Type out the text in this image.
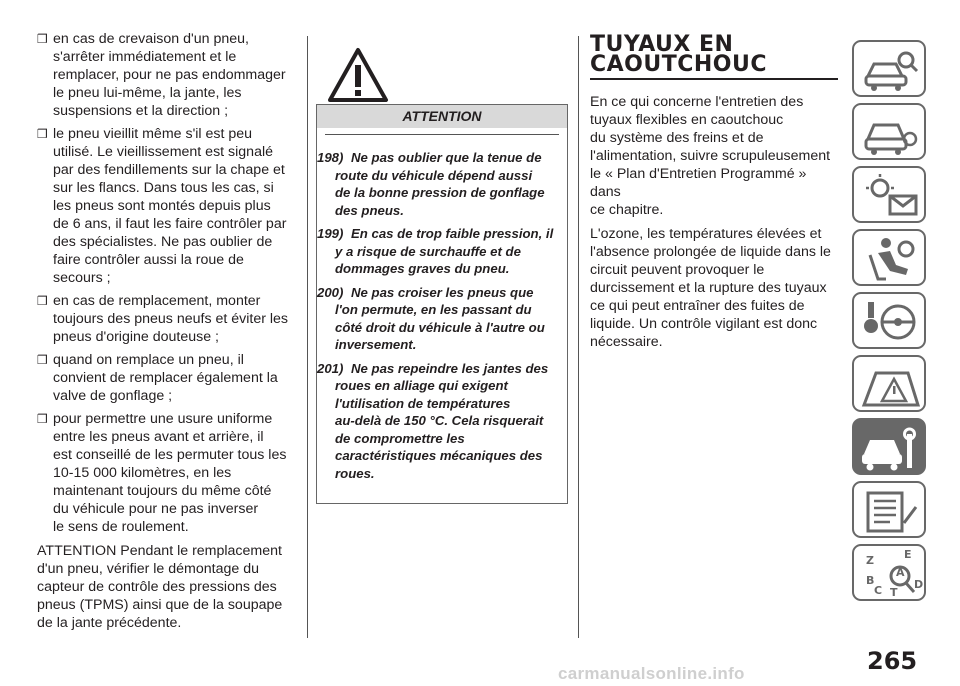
❒ en cas de crevaison d'un pneu,
s'arrêter immédiatement et le
remplacer, pour ne pas endommager
le pneu lui-même, la jante, les
suspensions et la direction ;
❒ le pneu vieillit même s'il est peu
utilisé. Le vieillissement est signalé
par des fendillements sur la chape et
sur les flancs. Dans tous les cas, si
les pneus sont montés depuis plus
de 6 ans, il faut les faire contrôler par
des spécialistes. Ne pas oublier de
faire contrôler aussi la roue de
secours ;
❒ en cas de remplacement, monter
toujours des pneus neufs et éviter les
pneus d'origine douteuse ;
❒ quand on remplace un pneu, il
convient de remplacer également la
valve de gonflage ;
❒ pour permettre une usure uniforme
entre les pneus avant et arrière, il
est conseillé de les permuter tous les
10-15 000 kilomètres, en les
maintenant toujours du même côté
du véhicule pour ne pas inverser
le sens de roulement.
ATTENTION Pendant le remplacement
d'un pneu, vérifier le démontage du
capteur de contrôle des pressions des
pneus (TPMS) ainsi que de la soupape
de la jante précédente.
ATTENTION
198) Ne pas oublier que la tenue de
route du véhicule dépend aussi
de la bonne pression de gonflage
des pneus.
199) En cas de trop faible pression, il
y a risque de surchauffe et de
dommages graves du pneu.
200) Ne pas croiser les pneus que
l'on permute, en les passant du
côté droit du véhicule à l'autre ou
inversement.
201) Ne pas repeindre les jantes des
roues en alliage qui exigent
l'utilisation de températures
au-delà de 150 °C. Cela risquerait
de compromettre les
caractéristiques mécaniques des
roues.
TUYAUX EN
CAOUTCHOUC
En ce qui concerne l'entretien des
tuyaux flexibles en caoutchouc
du système des freins et de
l'alimentation, suivre scrupuleusement
le « Plan d'Entretien Programmé » dans
ce chapitre.
L'ozone, les températures élevées et
l'absence prolongée de liquide dans le
circuit peuvent provoquer le
durcissement et la rupture des tuyaux
ce qui peut entraîner des fuites de
liquide. Un contrôle vigilant est donc
nécessaire.
Z	E
B
A
C T
D
265
carmanualsonline.info
